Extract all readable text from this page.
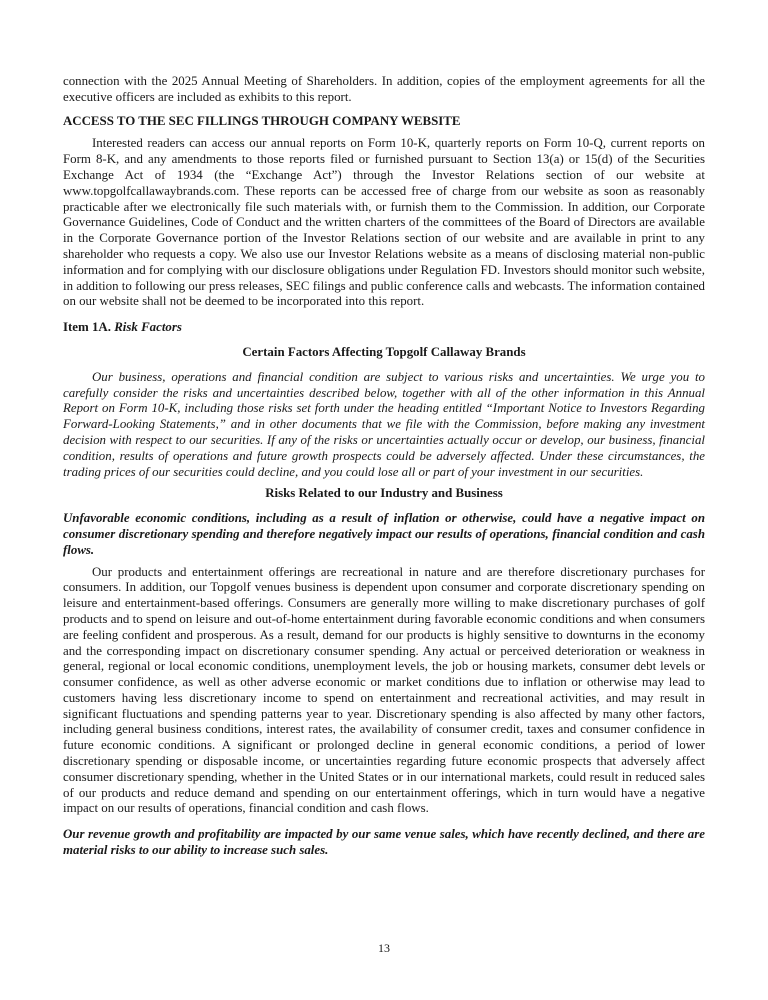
connection with the 2025 Annual Meeting of Shareholders. In addition, copies of the employment agreements for all the executive officers are included as exhibits to this report.

ACCESS TO THE SEC FILLINGS THROUGH COMPANY WEBSITE

Interested readers can access our annual reports on Form 10-K, quarterly reports on Form 10-Q, current reports on Form 8-K, and any amendments to those reports filed or furnished pursuant to Section 13(a) or 15(d) of the Securities Exchange Act of 1934 (the “Exchange Act”) through the Investor Relations section of our website at www.topgolfcallawaybrands.com. These reports can be accessed free of charge from our website as soon as reasonably practicable after we electronically file such materials with, or furnish them to the Commission. In addition, our Corporate Governance Guidelines, Code of Conduct and the written charters of the committees of the Board of Directors are available in the Corporate Governance portion of the Investor Relations section of our website and are available in print to any shareholder who requests a copy. We also use our Investor Relations website as a means of disclosing material non-public information and for complying with our disclosure obligations under Regulation FD. Investors should monitor such website, in addition to following our press releases, SEC filings and public conference calls and webcasts. The information contained on our website shall not be deemed to be incorporated into this report.

Item 1A. Risk Factors

Certain Factors Affecting Topgolf Callaway Brands

Our business, operations and financial condition are subject to various risks and uncertainties. We urge you to carefully consider the risks and uncertainties described below, together with all of the other information in this Annual Report on Form 10-K, including those risks set forth under the heading entitled “Important Notice to Investors Regarding Forward-Looking Statements,” and in other documents that we file with the Commission, before making any investment decision with respect to our securities. If any of the risks or uncertainties actually occur or develop, our business, financial condition, results of operations and future growth prospects could be adversely affected. Under these circumstances, the trading prices of our securities could decline, and you could lose all or part of your investment in our securities.

Risks Related to our Industry and Business

Unfavorable economic conditions, including as a result of inflation or otherwise, could have a negative impact on consumer discretionary spending and therefore negatively impact our results of operations, financial condition and cash flows.

Our products and entertainment offerings are recreational in nature and are therefore discretionary purchases for consumers. In addition, our Topgolf venues business is dependent upon consumer and corporate discretionary spending on leisure and entertainment-based offerings. Consumers are generally more willing to make discretionary purchases of golf products and to spend on leisure and out-of-home entertainment during favorable economic conditions and when consumers are feeling confident and prosperous. As a result, demand for our products is highly sensitive to downturns in the economy and the corresponding impact on discretionary consumer spending. Any actual or perceived deterioration or weakness in general, regional or local economic conditions, unemployment levels, the job or housing markets, consumer debt levels or consumer confidence, as well as other adverse economic or market conditions due to inflation or otherwise may lead to customers having less discretionary income to spend on entertainment and recreational activities, and may result in significant fluctuations and spending patterns year to year. Discretionary spending is also affected by many other factors, including general business conditions, interest rates, the availability of consumer credit, taxes and consumer confidence in future economic conditions. A significant or prolonged decline in general economic conditions, a period of lower discretionary spending or disposable income, or uncertainties regarding future economic prospects that adversely affect consumer discretionary spending, whether in the United States or in our international markets, could result in reduced sales of our products and reduce demand and spending on our entertainment offerings, which in turn would have a negative impact on our results of operations, financial condition and cash flows.

Our revenue growth and profitability are impacted by our same venue sales, which have recently declined, and there are material risks to our ability to increase such sales.

13
